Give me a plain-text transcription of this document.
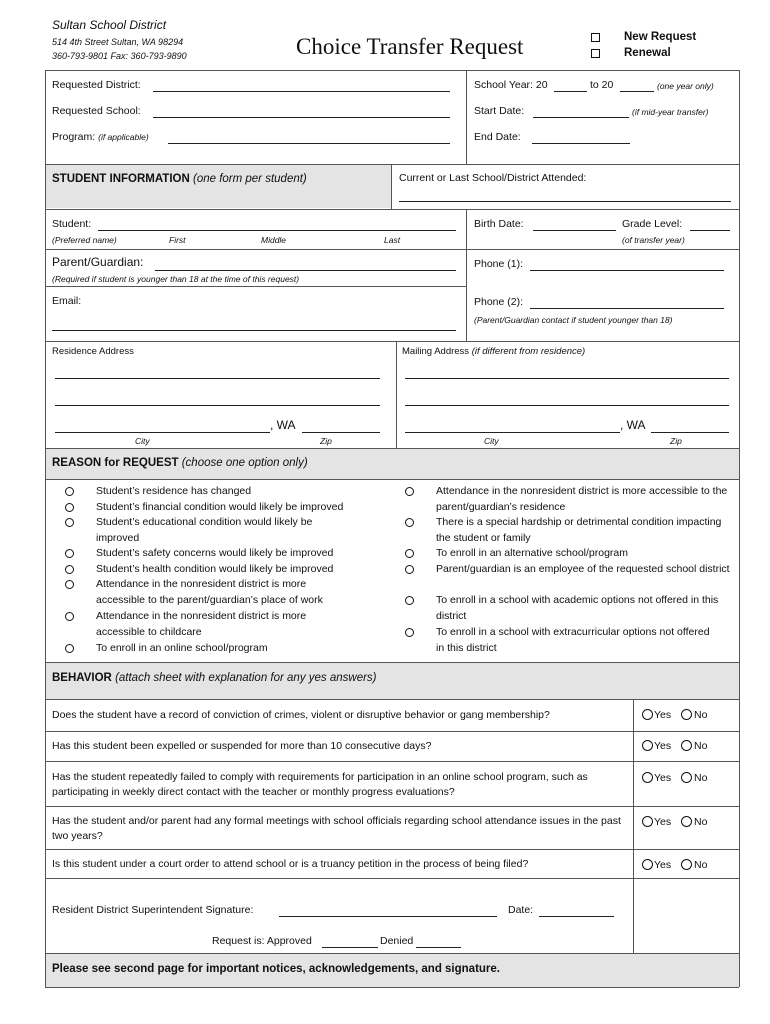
Sultan School District
514 4th Street Sultan, WA 98294
360-793-9801 Fax: 360-793-9890	Choice Transfer Request	New Request
Renewal
Requested District:
Requested School:
Program: (if applicable)
School Year: 20	to 20	(one year only)
Start Date:	(if mid-year transfer)
End Date:
STUDENT INFORMATION (one form per student)	Current or Last School/District Attended:
Student:
(Preferred name)	First	Middle	Last
Birth Date:	Grade Level:
(of transfer year)
Parent/Guardian:
(Required if student is younger than 18 at the time of this request)
Phone (1):
Email:	Phone (2):
(Parent/Guardian contact if student younger than 18)
Residence Address
, WA
City	Zip
Mailing Address (if different from residence)
, WA
City	Zip
REASON for REQUEST (choose one option only)
Student’s residence has changed
Student’s financial condition would likely be improved
Student’s educational condition would likely be improved
Student’s safety concerns would likely be improved
Student’s health condition would likely be improved
Attendance in the nonresident district is more accessible to the parent/guardian’s place of work
Attendance in the nonresident district is more accessible to childcare
To enroll in an online school/program
Attendance in the nonresident district is more accessible to the parent/guardian’s residence
There is a special hardship or detrimental condition impacting the student or family
To enroll in an alternative school/program
Parent/guardian is an employee of the requested school district
To enroll in a school with academic options not offered in this district
To enroll in a school with extracurricular options not offered in this district
BEHAVIOR (attach sheet with explanation for any yes answers)
Does the student have a record of conviction of crimes, violent or disruptive behavior or gang membership?	Yes No
Has this student been expelled or suspended for more than 10 consecutive days?	Yes No
Has the student repeatedly failed to comply with requirements for participation in an online school program, such as participating in weekly direct contact with the teacher or monthly progress evaluations?
Yes No
Has the student and/or parent had any formal meetings with school officials regarding school attendance issues in the past two years?
Yes No
Is this student under a court order to attend school or is a truancy petition in the process of being filed?	Yes No
Resident District Superintendent Signature:	Date:
Request is: Approved	Denied
Please see second page for important notices, acknowledgements, and signature.
